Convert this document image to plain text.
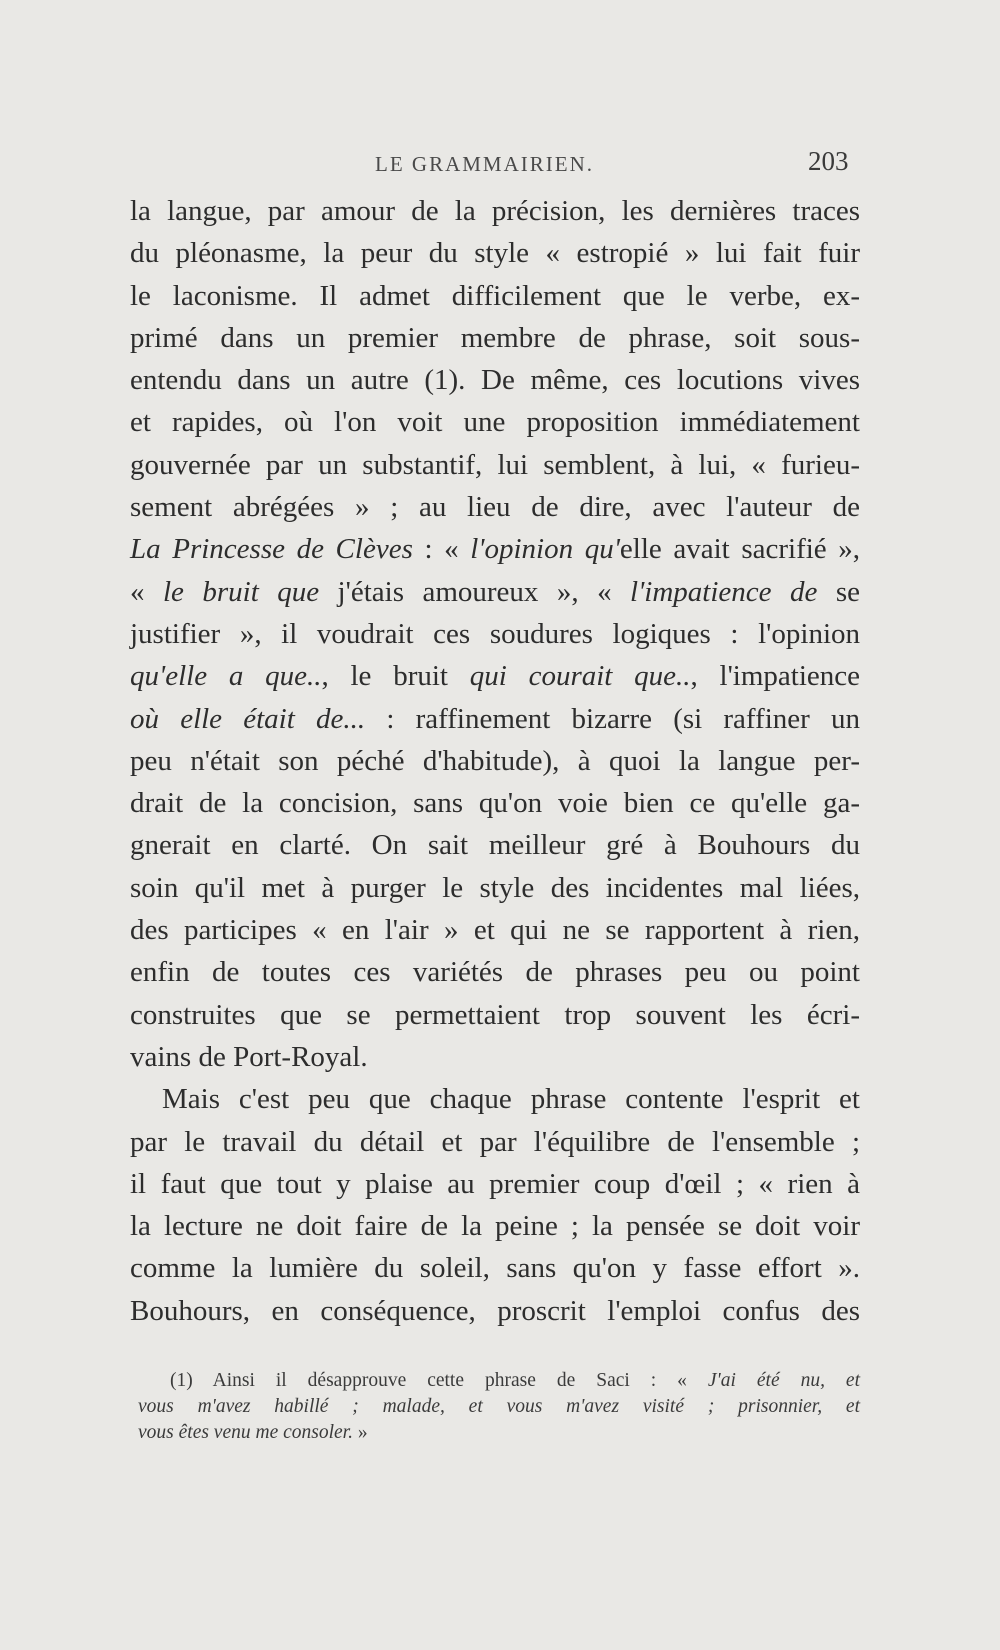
LE GRAMMAIRIEN.	203
la langue, par amour de la précision, les dernières traces
du pléonasme, la peur du style « estropié » lui fait fuir
le laconisme. Il admet difficilement que le verbe, ex-
primé dans un premier membre de phrase, soit sous-
entendu dans un autre (1). De même, ces locutions vives
et rapides, où l'on voit une proposition immédiatement
gouvernée par un substantif, lui semblent, à lui, « furieu-
sement abrégées » ; au lieu de dire, avec l'auteur de
La Princesse de Clèves : « l'opinion qu'elle avait sacrifié »,
« le bruit que j'étais amoureux », « l'impatience de se
justifier », il voudrait ces soudures logiques : l'opinion
qu'elle a que.., le bruit qui courait que.., l'impatience
où elle était de... : raffinement bizarre (si raffiner un
peu n'était son péché d'habitude), à quoi la langue per-
drait de la concision, sans qu'on voie bien ce qu'elle ga-
gnerait en clarté. On sait meilleur gré à Bouhours du
soin qu'il met à purger le style des incidentes mal liées,
des participes « en l'air » et qui ne se rapportent à rien,
enfin de toutes ces variétés de phrases peu ou point
construites que se permettaient trop souvent les écri-
vains de Port-Royal.
Mais c'est peu que chaque phrase contente l'esprit et
par le travail du détail et par l'équilibre de l'ensemble ;
il faut que tout y plaise au premier coup d'œil ; « rien à
la lecture ne doit faire de la peine ; la pensée se doit voir
comme la lumière du soleil, sans qu'on y fasse effort ».
Bouhours, en conséquence, proscrit l'emploi confus des
(1) Ainsi il désapprouve cette phrase de Saci : « J'ai été nu, et
vous m'avez habillé ; malade, et vous m'avez visité ; prisonnier, et
vous êtes venu me consoler. »
